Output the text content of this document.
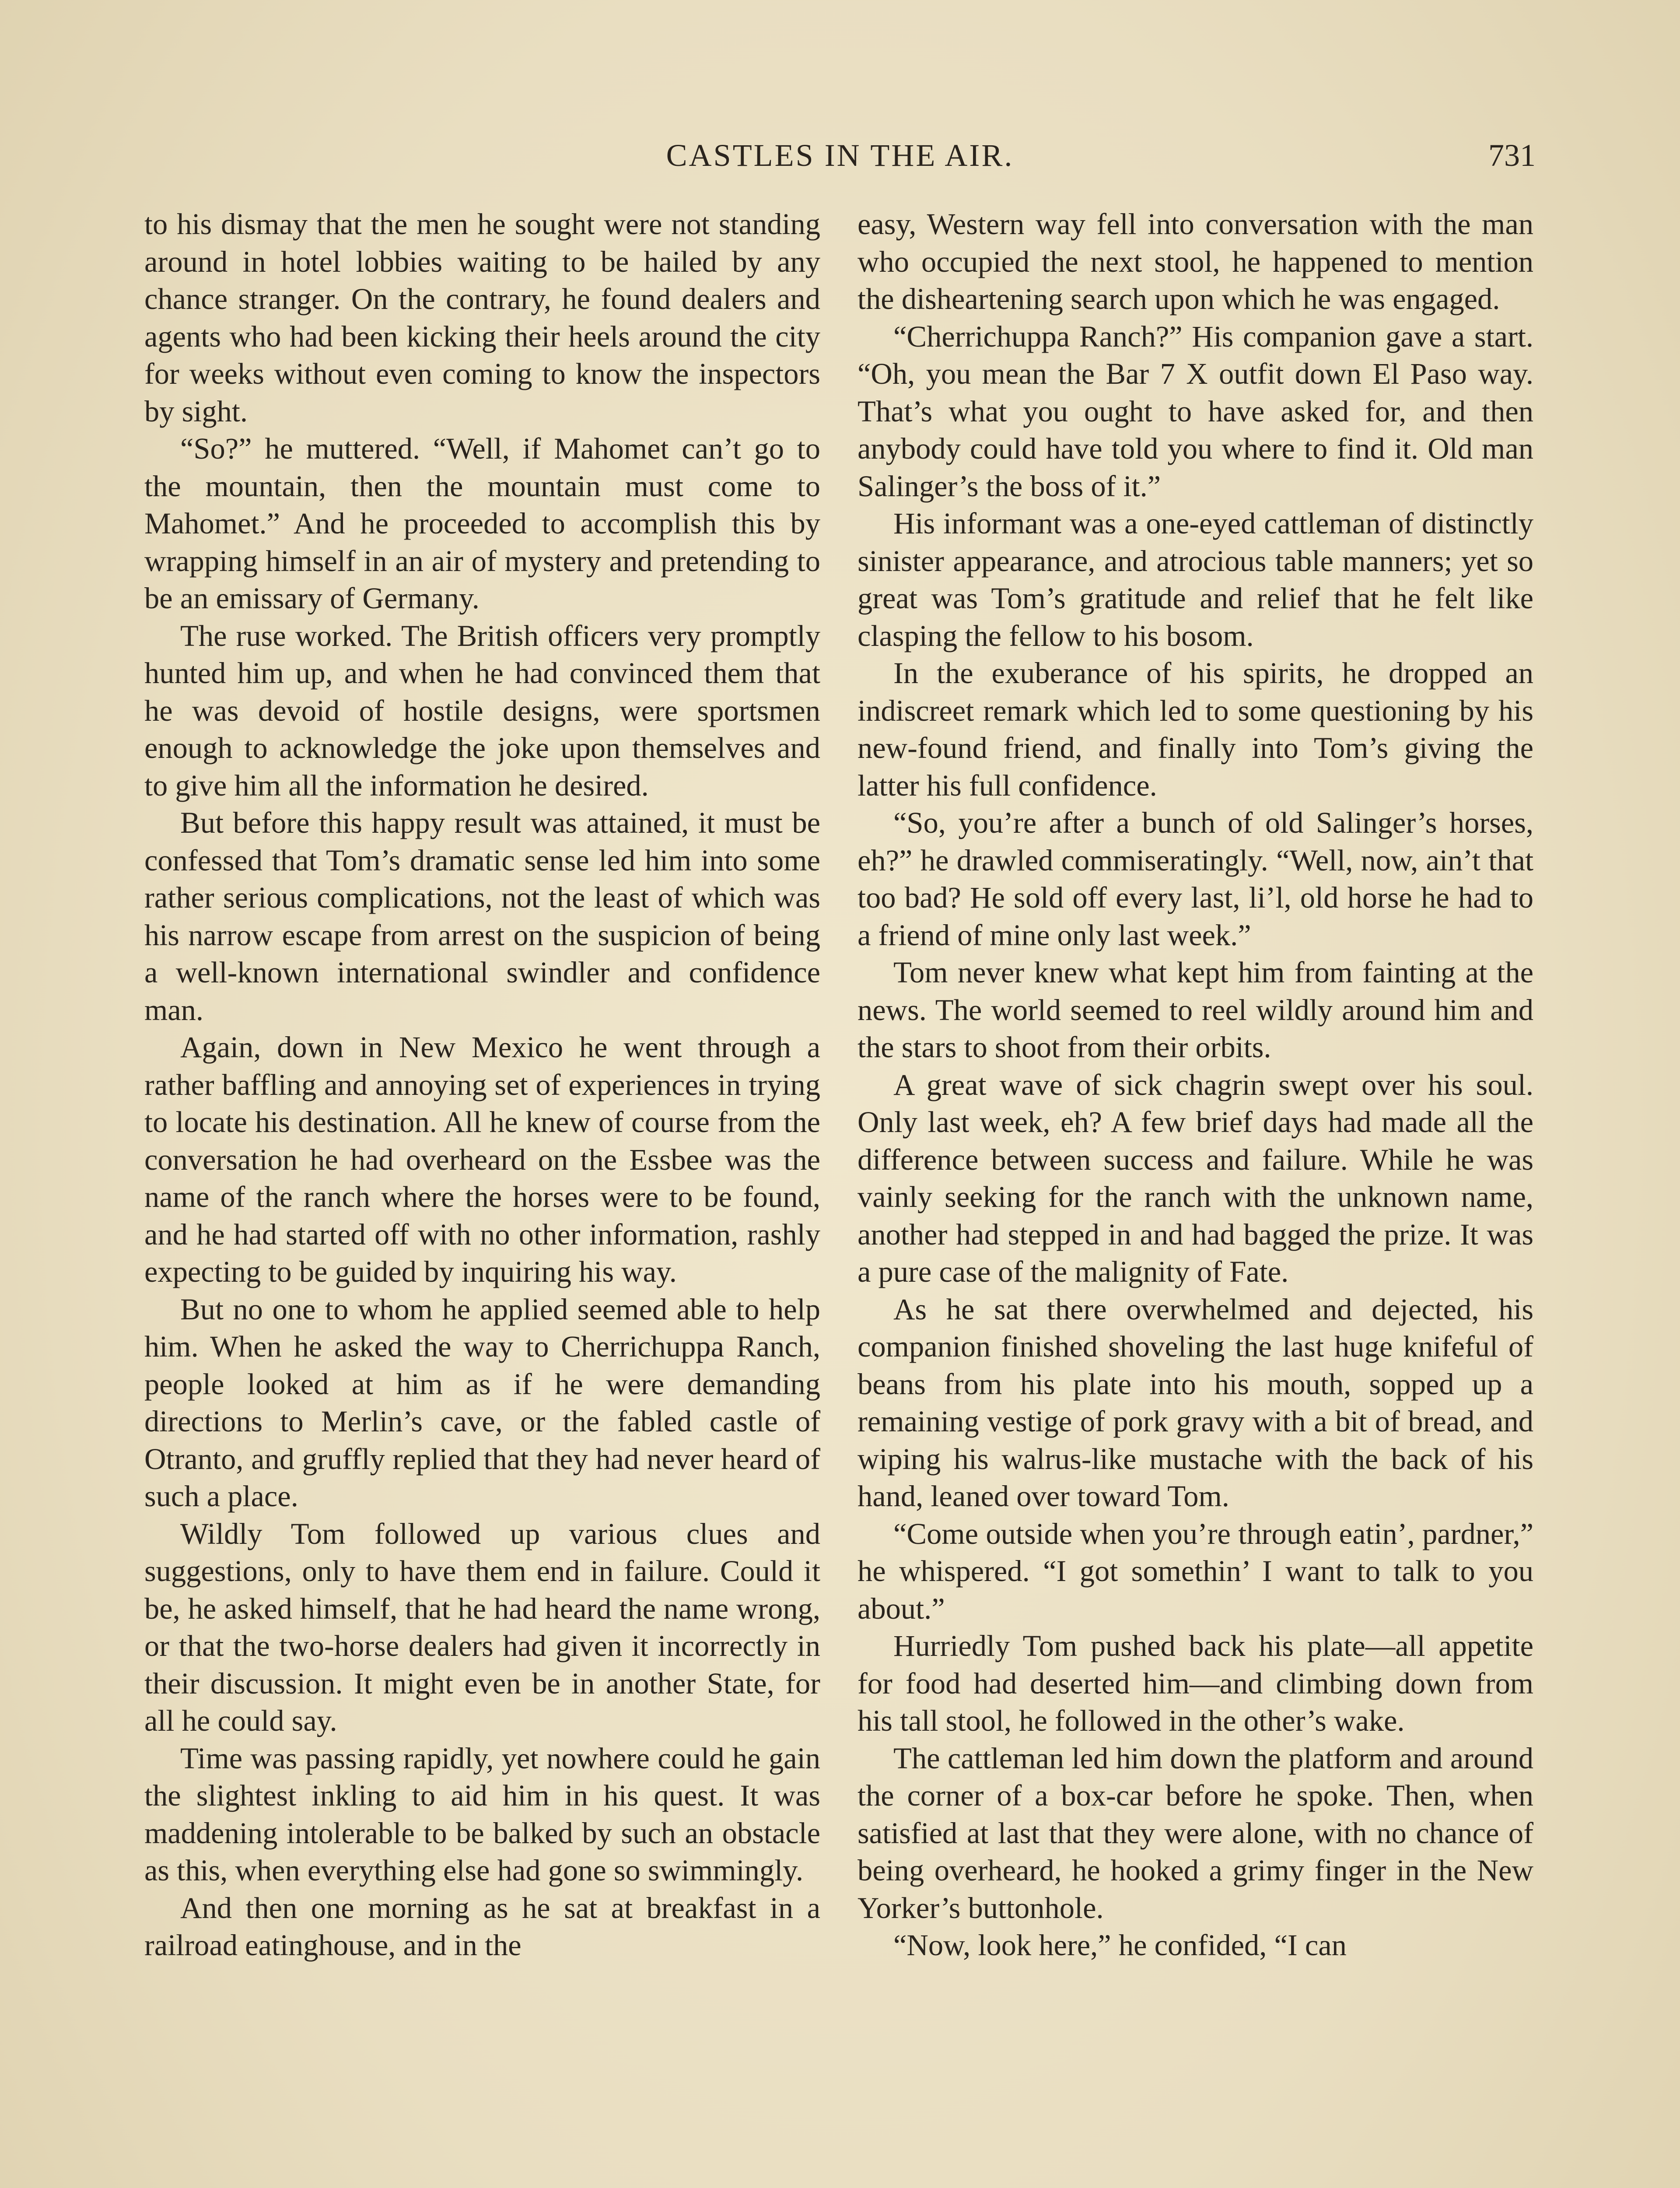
CASTLES IN THE AIR.	731

to his dismay that the men he sought were not standing around in hotel lobbies waiting to be hailed by any chance stranger. On the contrary, he found dealers and agents who had been kicking their heels around the city for weeks without even coming to know the inspectors by sight.

“So?” he muttered. “Well, if Mahomet can’t go to the mountain, then the mountain must come to Mahomet.” And he proceeded to accomplish this by wrapping himself in an air of mystery and pretending to be an emissary of Germany.

The ruse worked. The British officers very promptly hunted him up, and when he had convinced them that he was devoid of hostile designs, were sportsmen enough to acknowledge the joke upon themselves and to give him all the information he desired.

But before this happy result was attained, it must be confessed that Tom’s dramatic sense led him into some rather serious complications, not the least of which was his narrow escape from arrest on the suspicion of being a well-known international swindler and confidence man.

Again, down in New Mexico he went through a rather baffling and annoying set of experiences in trying to locate his destination. All he knew of course from the conversation he had overheard on the Essbee was the name of the ranch where the horses were to be found, and he had started off with no other information, rashly expecting to be guided by inquiring his way.

But no one to whom he applied seemed able to help him. When he asked the way to Cherrichuppa Ranch, people looked at him as if he were demanding directions to Merlin’s cave, or the fabled castle of Otranto, and gruffly replied that they had never heard of such a place.

Wildly Tom followed up various clues and suggestions, only to have them end in failure. Could it be, he asked himself, that he had heard the name wrong, or that the two-horse dealers had given it incorrectly in their discussion. It might even be in another State, for all he could say.

Time was passing rapidly, yet nowhere could he gain the slightest inkling to aid him in his quest. It was maddening intolerable to be balked by such an obstacle as this, when everything else had gone so swimmingly.

And then one morning as he sat at breakfast in a railroad eatinghouse, and in the

easy, Western way fell into conversation with the man who occupied the next stool, he happened to mention the disheartening search upon which he was engaged.

“Cherrichuppa Ranch?” His companion gave a start. “Oh, you mean the Bar 7 X outfit down El Paso way. That’s what you ought to have asked for, and then anybody could have told you where to find it. Old man Salinger’s the boss of it.”

His informant was a one-eyed cattleman of distinctly sinister appearance, and atrocious table manners; yet so great was Tom’s gratitude and relief that he felt like clasping the fellow to his bosom.

In the exuberance of his spirits, he dropped an indiscreet remark which led to some questioning by his new-found friend, and finally into Tom’s giving the latter his full confidence.

“So, you’re after a bunch of old Salinger’s horses, eh?” he drawled commiseratingly. “Well, now, ain’t that too bad? He sold off every last, li’l, old horse he had to a friend of mine only last week.”

Tom never knew what kept him from fainting at the news. The world seemed to reel wildly around him and the stars to shoot from their orbits.

A great wave of sick chagrin swept over his soul. Only last week, eh? A few brief days had made all the difference between success and failure. While he was vainly seeking for the ranch with the unknown name, another had stepped in and had bagged the prize. It was a pure case of the malignity of Fate.

As he sat there overwhelmed and dejected, his companion finished shoveling the last huge knifeful of beans from his plate into his mouth, sopped up a remaining vestige of pork gravy with a bit of bread, and wiping his walrus-like mustache with the back of his hand, leaned over toward Tom.

“Come outside when you’re through eatin’, pardner,” he whispered. “I got somethin’ I want to talk to you about.”

Hurriedly Tom pushed back his plate—all appetite for food had deserted him—and climbing down from his tall stool, he followed in the other’s wake.

The cattleman led him down the platform and around the corner of a box-car before he spoke. Then, when satisfied at last that they were alone, with no chance of being overheard, he hooked a grimy finger in the New Yorker’s buttonhole.

“Now, look here,” he confided, “I can
